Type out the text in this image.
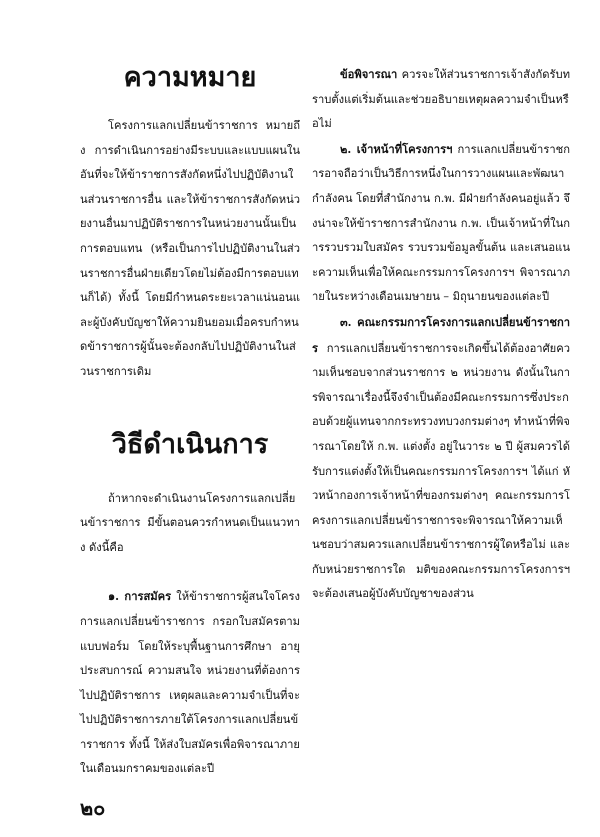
ความหมาย

โครงการแลกเปลี่ยนข้าราชการ หมายถึง การดำเนินการอย่างมีระบบและแบบแผนในอันที่จะให้ข้าราชการสังกัดหนึ่งไปปฏิบัติงานในส่วนราชการอื่น และให้ข้าราชการสังกัดหน่วยงานอื่นมาปฏิบัติราชการในหน่วยงานนั้นเป็นการตอบแทน (หรือเป็นการไปปฏิบัติงานในส่วนราชการอื่นฝ่ายเดียวโดยไม่ต้องมีการตอบแทนก็ได้) ทั้งนี้ โดยมีกำหนดระยะเวลาแน่นอนและผู้บังคับบัญชาให้ความยินยอมเมื่อครบกำหนดข้าราชการผู้นั้นจะต้องกลับไปปฏิบัติงานในส่วนราชการเดิม

วิธีดำเนินการ

ถ้าหากจะดำเนินงานโครงการแลกเปลี่ยนข้าราชการ มีขั้นตอนควรกำหนดเป็นแนวทาง ดังนี้คือ

๑. การสมัคร ให้ข้าราชการผู้สนใจโครงการแลกเปลี่ยนข้าราชการ กรอกใบสมัครตามแบบฟอร์ม โดยให้ระบุพื้นฐานการศึกษา อายุ ประสบการณ์ ความสนใจ หน่วยงานที่ต้องการไปปฏิบัติราชการ เหตุผลและความจำเป็นที่จะไปปฏิบัติราชการภายใต้โครงการแลกเปลี่ยนข้าราชการ ทั้งนี้ ให้ส่งใบสมัครเพื่อพิจารณาภายในเดือนมกราคมของแต่ละปี

ข้อพิจารณา ควรจะให้ส่วนราชการเจ้าสังกัดรับทราบตั้งแต่เริ่มต้นและช่วยอธิบายเหตุผลความจำเป็นหรือไม่

๒. เจ้าหน้าที่โครงการฯ การแลกเปลี่ยนข้าราชการอาจถือว่าเป็นวิธีการหนึ่งในการวางแผนและพัฒนากำลังคน โดยที่สำนักงาน ก.พ. มีฝ่ายกำลังคนอยู่แล้ว จึงน่าจะให้ข้าราชการสำนักงาน ก.พ. เป็นเจ้าหน้าที่ในการรวบรวมใบสมัคร รวบรวมข้อมูลขั้นต้น และเสนอแนะความเห็นเพื่อให้คณะกรรมการโครงการฯ พิจารณาภายในระหว่างเดือนเมษายน – มิถุนายนของแต่ละปี

๓. คณะกรรมการโครงการแลกเปลี่ยนข้าราชการ การแลกเปลี่ยนข้าราชการจะเกิดขึ้นได้ต้องอาศัยความเห็นชอบจากส่วนราชการ ๒ หน่วยงาน ดังนั้นในการพิจารณาเรื่องนี้จึงจำเป็นต้องมีคณะกรรมการซึ่งประกอบด้วยผู้แทนจากกระทรวงทบวงกรมต่างๆ ทำหน้าที่พิจารณาโดยให้ ก.พ. แต่งตั้ง อยู่ในวาระ ๒ ปี ผู้สมควรได้รับการแต่งตั้งให้เป็นคณะกรรมการโครงการฯ ได้แก่ หัวหน้ากองการเจ้าหน้าที่ของกรมต่างๆ คณะกรรมการโครงการแลกเปลี่ยนข้าราชการจะพิจารณาให้ความเห็นชอบว่าสมควรแลกเปลี่ยนข้าราชการผู้ใดหรือไม่ และกับหน่วยราชการใด มติของคณะกรรมการโครงการฯ จะต้องเสนอผู้บังคับบัญชาของส่วน

๒๐
